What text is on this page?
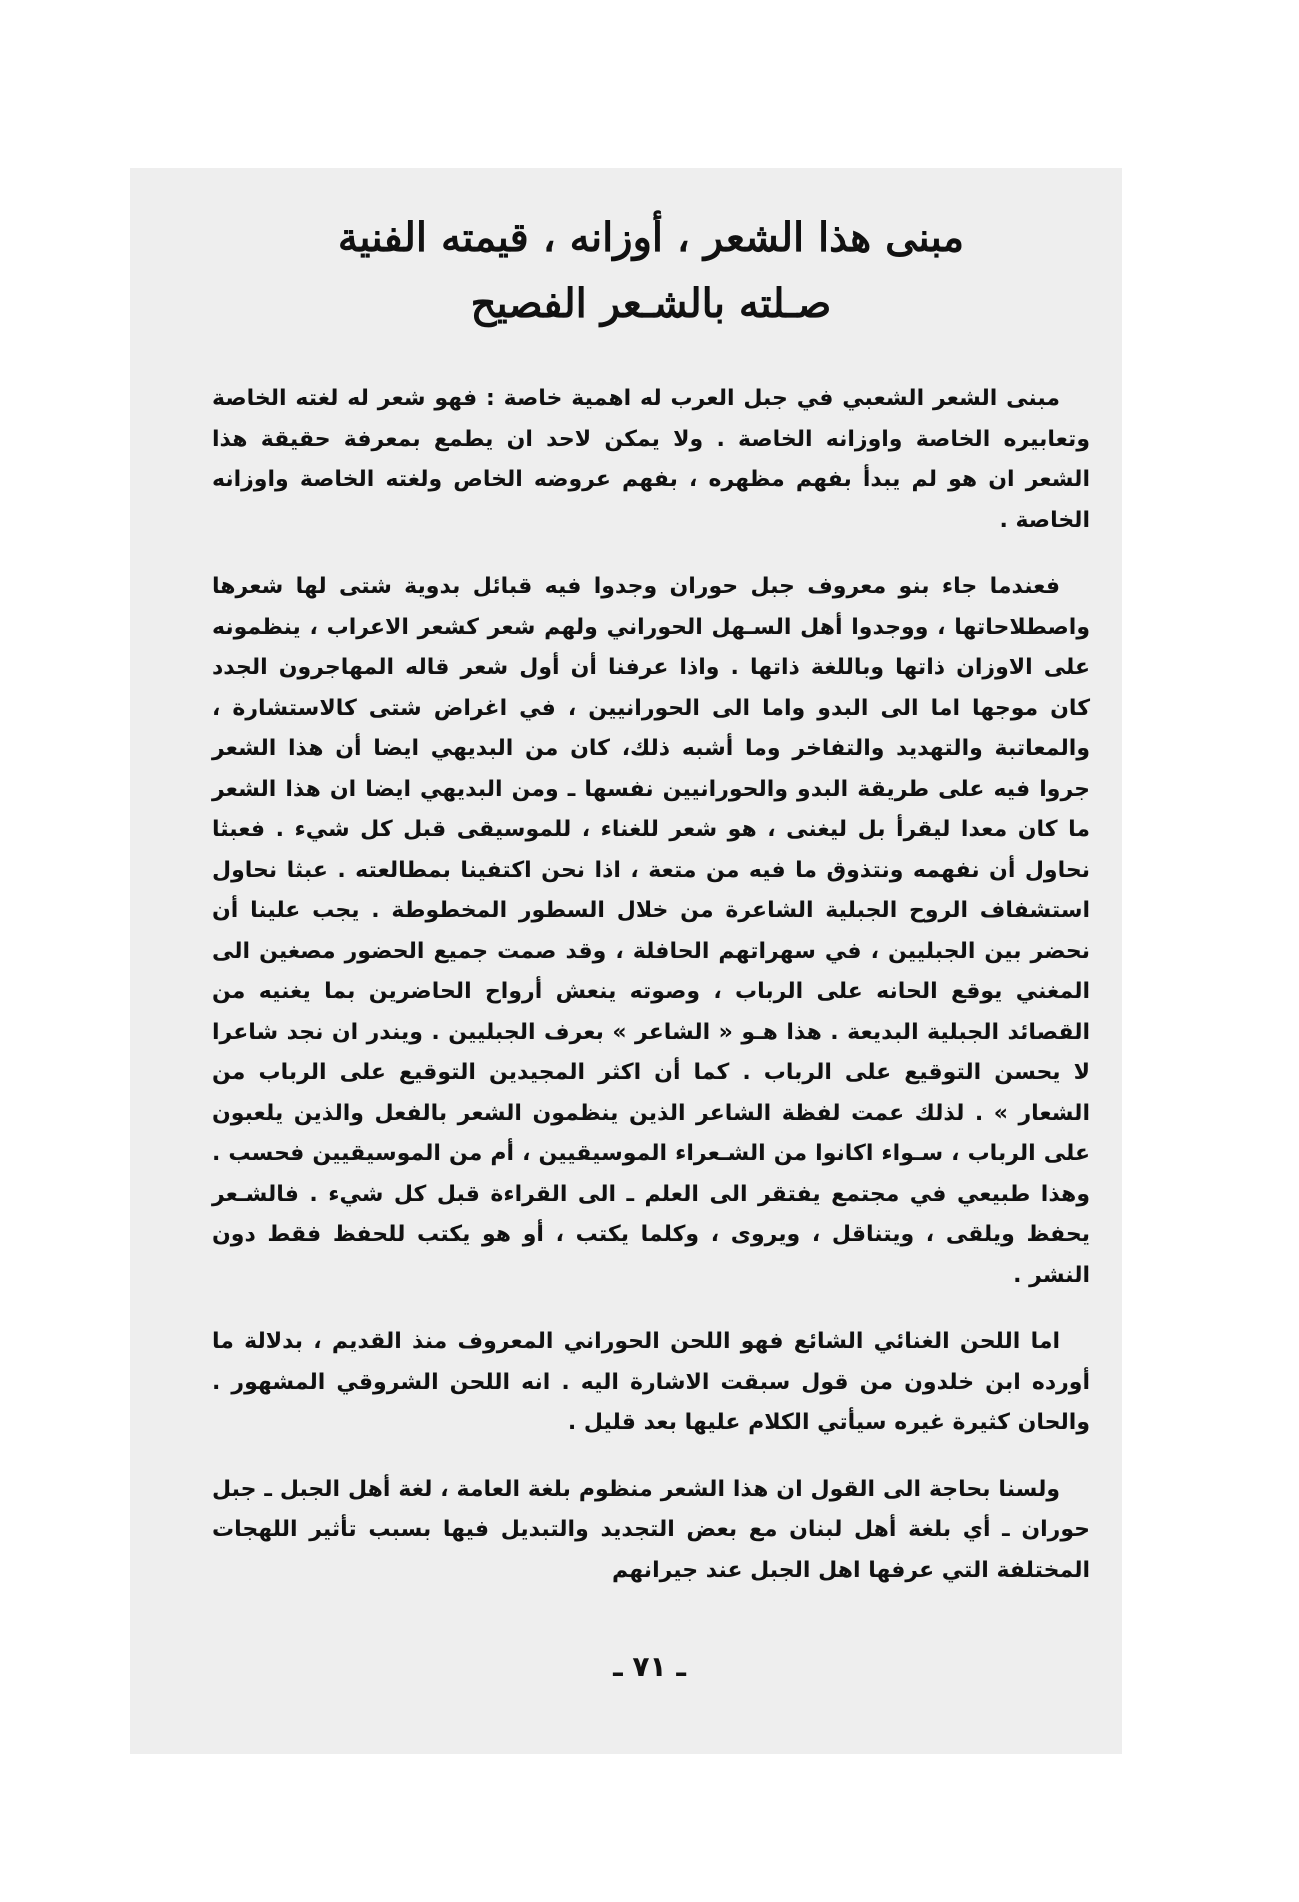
مبنى هذا الشعر ، أوزانه ، قيمته الفنية
صـلته بالشـعر الفصيح

مبنى الشعر الشعبي في جبل العرب له اهمية خاصة : فهو شعر له لغته الخاصة وتعابيره الخاصة واوزانه الخاصة . ولا يمكن لاحد ان يطمع بمعرفة حقيقة هذا الشعر ان هو لم يبدأ بفهم مظهره ، بفهم عروضه الخاص ولغته الخاصة واوزانه الخاصة .

فعندما جاء بنو معروف جبل حوران وجدوا فيه قبائل بدوية شتى لها شعرها واصطلاحاتها ، ووجدوا أهل السـهل الحوراني ولهم شعر كشعر الاعراب ، ينظمونه على الاوزان ذاتها وباللغة ذاتها . واذا عرفنا أن أول شعر قاله المهاجرون الجدد كان موجها اما الى البدو واما الى الحورانيين ، في اغراض شتى كالاستشارة ، والمعاتبة والتهديد والتفاخر وما أشبه ذلك، كان من البديهي ايضا أن هذا الشعر جروا فيه على طريقة البدو والحورانيين نفسها ـ ومن البديهي ايضا ان هذا الشعر ما كان معدا ليقرأ بل ليغنى ، هو شعر للغناء ، للموسيقى قبل كل شيء . فعبثا نحاول أن نفهمه ونتذوق ما فيه من متعة ، اذا نحن اكتفينا بمطالعته . عبثا نحاول استشفاف الروح الجبلية الشاعرة من خلال السطور المخطوطة . يجب علينا أن نحضر بين الجبليين ، في سهراتهم الحافلة ، وقد صمت جميع الحضور مصغين الى المغني يوقع الحانه على الرباب ، وصوته ينعش أرواح الحاضرين بما يغنيه من القصائد الجبلية البديعة . هذا هـو « الشاعر » بعرف الجبليين . ويندر ان نجد شاعرا لا يحسن التوقيع على الرباب . كما أن اكثر المجيدين التوقيع على الرباب من الشعار » . لذلك عمت لفظة الشاعر الذين ينظمون الشعر بالفعل والذين يلعبون على الرباب ، سـواء اكانوا من الشـعراء الموسيقيين ، أم من الموسيقيين فحسب . وهذا طبيعي في مجتمع يفتقر الى العلم ـ الى القراءة قبل كل شيء . فالشـعر يحفظ ويلقى ، ويتناقل ، ويروى ، وكلما يكتب ، أو هو يكتب للحفظ فقط دون النشر .

اما اللحن الغنائي الشائع فهو اللحن الحوراني المعروف منذ القديم ، بدلالة ما أورده ابن خلدون من قول سبقت الاشارة اليه . انه اللحن الشروقي المشهور . والحان كثيرة غيره سيأتي الكلام عليها بعد قليل .

ولسنا بحاجة الى القول ان هذا الشعر منظوم بلغة العامة ، لغة أهل الجبل ـ جبل حوران ـ أي بلغة أهل لبنان مع بعض التجديد والتبديل فيها بسبب تأثير اللهجات المختلفة التي عرفها اهل الجبل عند جيرانهم

ـ ٧١ ـ
